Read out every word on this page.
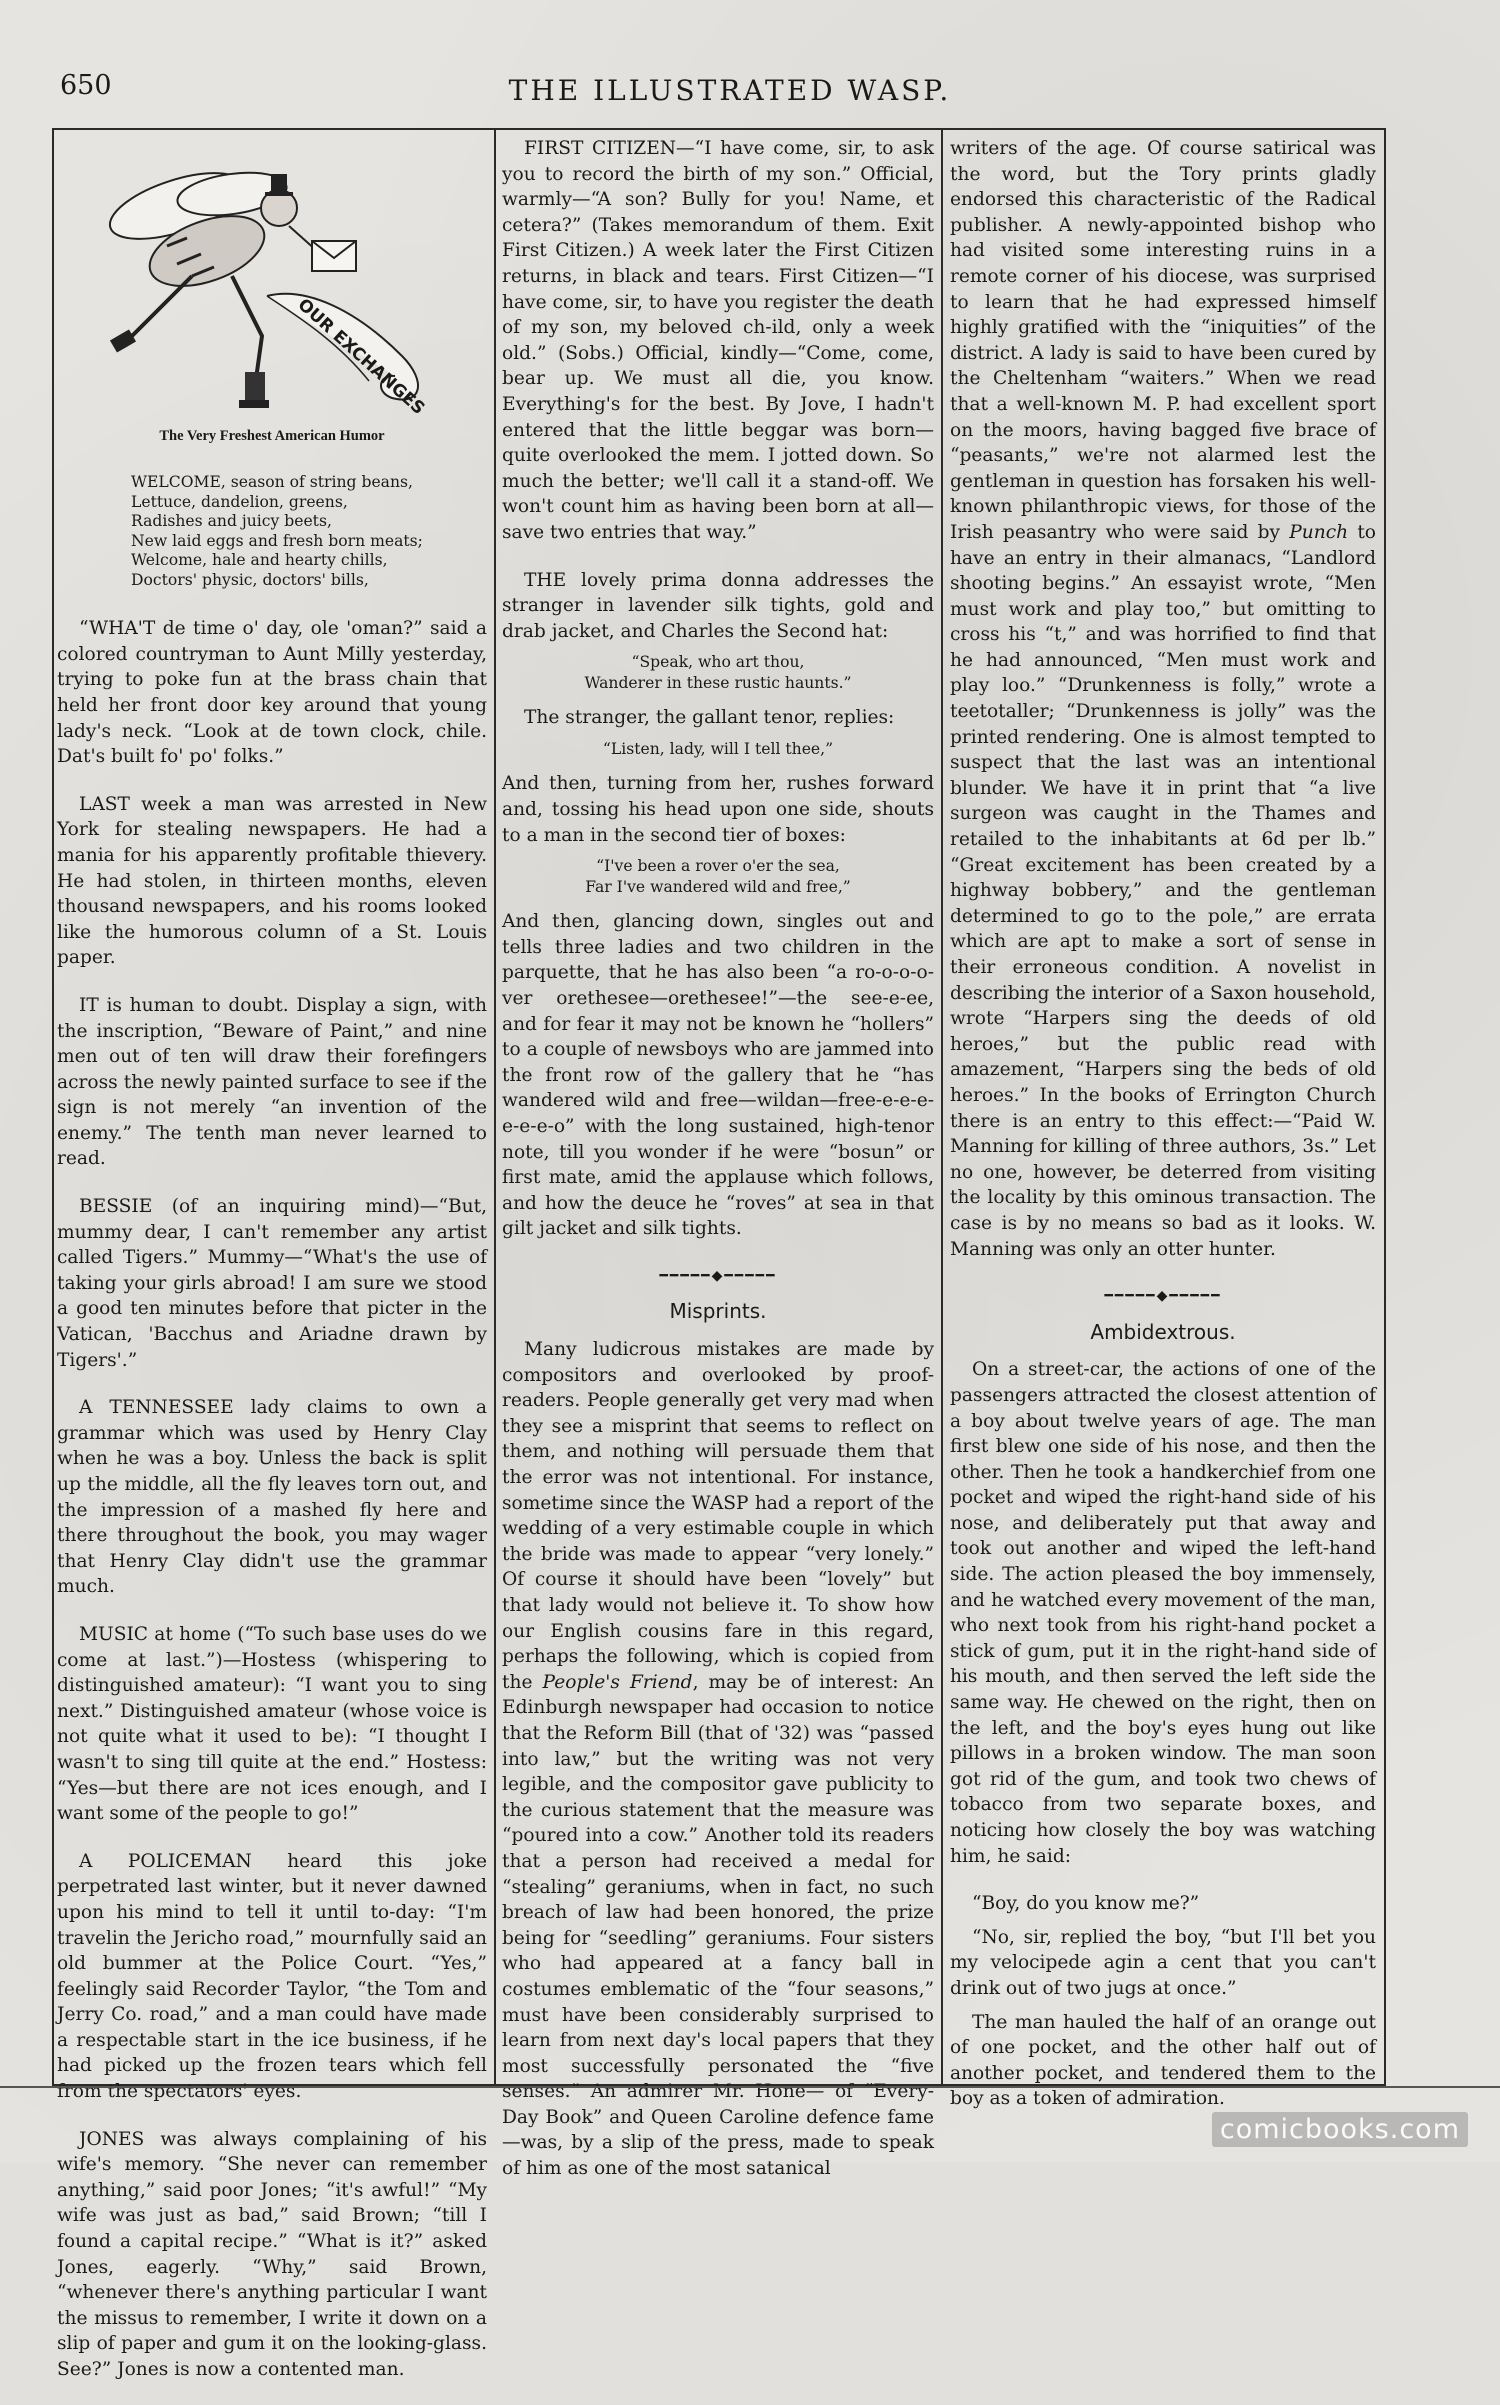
650	THE ILLUSTRATED WASP.
OUR EXCHANGES
The Very Freshest American Humor
WELCOME, season of string beans,
Lettuce, dandelion, greens,
Radishes and juicy beets,
New laid eggs and fresh born meats;
Welcome, hale and hearty chills,
Doctors' physic, doctors' bills,

“WHA'T de time o' day, ole 'oman?” said a colored countryman to Aunt Milly yesterday, trying to poke fun at the brass chain that held her front door key around that young lady's neck. “Look at de town clock, chile. Dat's built fo' po' folks.”

LAST week a man was arrested in New York for stealing newspapers. He had a mania for his apparently profitable thievery. He had stolen, in thirteen months, eleven thousand newspapers, and his rooms looked like the humorous column of a St. Louis paper.

IT is human to doubt. Display a sign, with the inscription, “Beware of Paint,” and nine men out of ten will draw their forefingers across the newly painted surface to see if the sign is not merely “an invention of the enemy.” The tenth man never learned to read.

BESSIE (of an inquiring mind)—“But, mummy dear, I can't remember any artist called Tigers.” Mummy—“What's the use of taking your girls abroad! I am sure we stood a good ten minutes before that picter in the Vatican, 'Bacchus and Ariadne drawn by Tigers'.”

A TENNESSEE lady claims to own a grammar which was used by Henry Clay when he was a boy. Unless the back is split up the middle, all the fly leaves torn out, and the impression of a mashed fly here and there throughout the book, you may wager that Henry Clay didn't use the grammar much.

MUSIC at home (“To such base uses do we come at last.”)—Hostess (whispering to distinguished amateur): “I want you to sing next.” Distinguished amateur (whose voice is not quite what it used to be): “I thought I wasn't to sing till quite at the end.” Hostess: “Yes—but there are not ices enough, and I want some of the people to go!”

A POLICEMAN heard this joke perpetrated last winter, but it never dawned upon his mind to tell it until to-day: “I'm travelin the Jericho road,” mournfully said an old bummer at the Police Court. “Yes,” feelingly said Recorder Taylor, “the Tom and Jerry Co. road,” and a man could have made a respectable start in the ice business, if he had picked up the frozen tears which fell from the spectators' eyes.

JONES was always complaining of his wife's memory. “She never can remember anything,” said poor Jones; “it's awful!” “My wife was just as bad,” said Brown; “till I found a capital recipe.” “What is it?” asked Jones, eagerly. “Why,” said Brown, “whenever there's anything particular I want the missus to remember, I write it down on a slip of paper and gum it on the looking-glass. See?” Jones is now a contented man.

FIRST CITIZEN—“I have come, sir, to ask you to record the birth of my son.” Official, warmly—“A son? Bully for you! Name, et cetera?” (Takes memorandum of them. Exit First Citizen.) A week later the First Citizen returns, in black and tears. First Citizen—“I have come, sir, to have you register the death of my son, my beloved ch-ild, only a week old.” (Sobs.) Official, kindly—“Come, come, bear up. We must all die, you know. Everything's for the best. By Jove, I hadn't entered that the little beggar was born—quite overlooked the mem. I jotted down. So much the better; we'll call it a stand-off. We won't count him as having been born at all—save two entries that way.”

THE lovely prima donna addresses the stranger in lavender silk tights, gold and drab jacket, and Charles the Second hat:

“Speak, who art thou,
Wanderer in these rustic haunts.”

The stranger, the gallant tenor, replies:

“Listen, lady, will I tell thee,”

And then, turning from her, rushes forward and, tossing his head upon one side, shouts to a man in the second tier of boxes:

“I've been a rover o'er the sea,
Far I've wandered wild and free,”

And then, glancing down, singles out and tells three ladies and two children in the parquette, that he has also been “a ro-o-o-o-ver orethesee—orethesee!”—the see-e-ee, and for fear it may not be known he “hollers” to a couple of newsboys who are jammed into the front row of the gallery that he “has wandered wild and free—wildan—free-e-e-e-e-e-e-o” with the long sustained, high-tenor note, till you wonder if he were “bosun” or first mate, amid the applause which follows, and how the deuce he “roves” at sea in that gilt jacket and silk tights.

━━━━━◆━━━━━
Misprints.

Many ludicrous mistakes are made by compositors and overlooked by proof-readers. People generally get very mad when they see a misprint that seems to reflect on them, and nothing will persuade them that the error was not intentional. For instance, sometime since the WASP had a report of the wedding of a very estimable couple in which the bride was made to appear “very lonely.” Of course it should have been “lovely” but that lady would not believe it. To show how our English cousins fare in this regard, perhaps the following, which is copied from the People's Friend, may be of interest: An Edinburgh newspaper had occasion to notice that the Reform Bill (that of '32) was “passed into law,” but the writing was not very legible, and the compositor gave publicity to the curious statement that the measure was “poured into a cow.” Another told its readers that a person had received a medal for “stealing” geraniums, when in fact, no such breach of law had been honored, the prize being for “seedling” geraniums. Four sisters who had appeared at a fancy ball in costumes emblematic of the “four seasons,” must have been considerably surprised to learn from next day's local papers that they most successfully personated the “five senses.” An admirer Mr. Hone— of “Every-Day Book” and Queen Caroline defence fame—was, by a slip of the press, made to speak of him as one of the most satanical

writers of the age. Of course satirical was the word, but the Tory prints gladly endorsed this characteristic of the Radical publisher. A newly-appointed bishop who had visited some interesting ruins in a remote corner of his diocese, was surprised to learn that he had expressed himself highly gratified with the “iniquities” of the district. A lady is said to have been cured by the Cheltenham “waiters.” When we read that a well-known M. P. had excellent sport on the moors, having bagged five brace of “peasants,” we're not alarmed lest the gentleman in question has forsaken his well-known philanthropic views, for those of the Irish peasantry who were said by Punch to have an entry in their almanacs, “Landlord shooting begins.” An essayist wrote, “Men must work and play too,” but omitting to cross his “t,” and was horrified to find that he had announced, “Men must work and play loo.” “Drunkenness is folly,” wrote a teetotaller; “Drunkenness is jolly” was the printed rendering. One is almost tempted to suspect that the last was an intentional blunder. We have it in print that “a live surgeon was caught in the Thames and retailed to the inhabitants at 6d per lb.” “Great excitement has been created by a highway bobbery,” and the gentleman determined to go to the pole,” are errata which are apt to make a sort of sense in their erroneous condition. A novelist in describing the interior of a Saxon household, wrote “Harpers sing the deeds of old heroes,” but the public read with amazement, “Harpers sing the beds of old heroes.” In the books of Errington Church there is an entry to this effect:—“Paid W. Manning for killing of three authors, 3s.” Let no one, however, be deterred from visiting the locality by this ominous transaction. The case is by no means so bad as it looks. W. Manning was only an otter hunter.

━━━━━◆━━━━━
Ambidextrous.

On a street-car, the actions of one of the passengers attracted the closest attention of a boy about twelve years of age. The man first blew one side of his nose, and then the other. Then he took a handkerchief from one pocket and wiped the right-hand side of his nose, and deliberately put that away and took out another and wiped the left-hand side. The action pleased the boy immensely, and he watched every movement of the man, who next took from his right-hand pocket a stick of gum, put it in the right-hand side of his mouth, and then served the left side the same way. He chewed on the right, then on the left, and the boy's eyes hung out like pillows in a broken window. The man soon got rid of the gum, and took two chews of tobacco from two separate boxes, and noticing how closely the boy was watching him, he said:

“Boy, do you know me?”

“No, sir, replied the boy, “but I'll bet you my velocipede agin a cent that you can't drink out of two jugs at once.”

The man hauled the half of an orange out of one pocket, and the other half out of another pocket, and tendered them to the boy as a token of admiration.

comicbooks.com
